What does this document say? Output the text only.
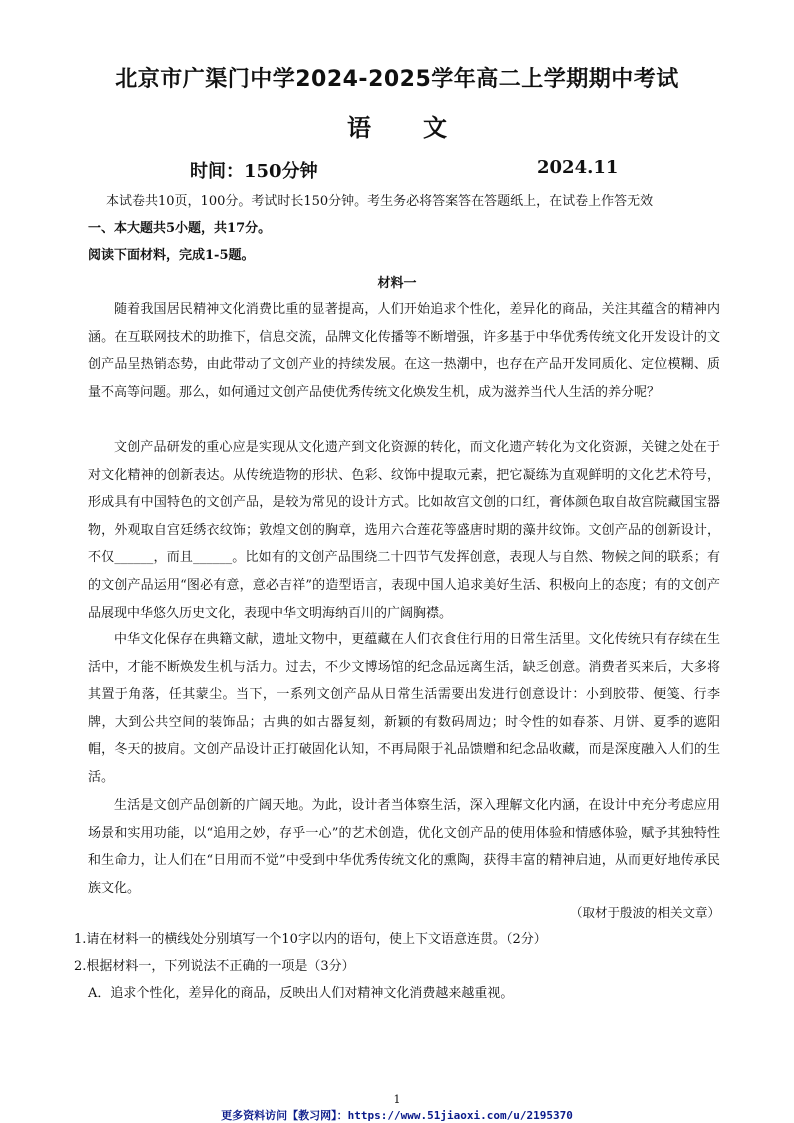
北京市广渠门中学2024-2025学年高二上学期期中考试
语 文
时间：150分钟	2024.11
本试卷共10页，100分。考试时长150分钟。考生务必将答案答在答题纸上，在试卷上作答无效
一、本大题共5小题，共17分。
阅读下面材料，完成1-5题。
材料一
随着我国居民精神文化消费比重的显著提高，人们开始追求个性化，差异化的商品，关注其蕴含的精神内涵。在互联网技术的助推下，信息交流，品牌文化传播等不断增强，许多基于中华优秀传统文化开发设计的文创产品呈热销态势，由此带动了文创产业的持续发展。在这一热潮中，也存在产品开发同质化、定位模糊、质量不高等问题。那么，如何通过文创产品使优秀传统文化焕发生机，成为滋养当代人生活的养分呢？
文创产品研发的重心应是实现从文化遗产到文化资源的转化，而文化遗产转化为文化资源，关键之处在于对文化精神的创新表达。从传统造物的形状、色彩、纹饰中提取元素，把它凝练为直观鲜明的文化艺术符号，形成具有中国特色的文创产品，是较为常见的设计方式。比如故宫文创的口红，膏体颜色取自故宫院藏国宝器物，外观取自宫廷绣衣纹饰；敦煌文创的胸章，选用六合莲花等盛唐时期的藻井纹饰。文创产品的创新设计，不仅______，而且______。比如有的文创产品围绕二十四节气发挥创意，表现人与自然、物候之间的联系；有的文创产品运用“图必有意，意必吉祥”的造型语言，表现中国人追求美好生活、积极向上的态度；有的文创产品展现中华悠久历史文化，表现中华文明海纳百川的广阔胸襟。
中华文化保存在典籍文献，遗址文物中，更蕴藏在人们衣食住行用的日常生活里。文化传统只有存续在生活中，才能不断焕发生机与活力。过去，不少文博场馆的纪念品远离生活，缺乏创意。消费者买来后，大多将其置于角落，任其蒙尘。当下，一系列文创产品从日常生活需要出发进行创意设计：小到胶带、便笺、行李牌，大到公共空间的装饰品；古典的如古器复刻，新颖的有数码周边；时令性的如春茶、月饼、夏季的遮阳帽，冬天的披肩。文创产品设计正打破固化认知，不再局限于礼品馈赠和纪念品收藏，而是深度融入人们的生活。
生活是文创产品创新的广阔天地。为此，设计者当体察生活，深入理解文化内涵，在设计中充分考虑应用场景和实用功能，以“追用之妙，存乎一心”的艺术创造，优化文创产品的使用体验和情感体验，赋予其独特性和生命力，让人们在“日用而不觉”中受到中华优秀传统文化的熏陶，获得丰富的精神启迪，从而更好地传承民族文化。
（取材于殷波的相关文章）
1.请在材料一的横线处分别填写一个10字以内的语句，使上下文语意连贯。（2分）
2.根据材料一，下列说法不正确的一项是（3分）
A．追求个性化，差异化的商品，反映出人们对精神文化消费越来越重视。
1
更多资料访问【教习网】：https://www.51jiaoxi.com/u/2195370
